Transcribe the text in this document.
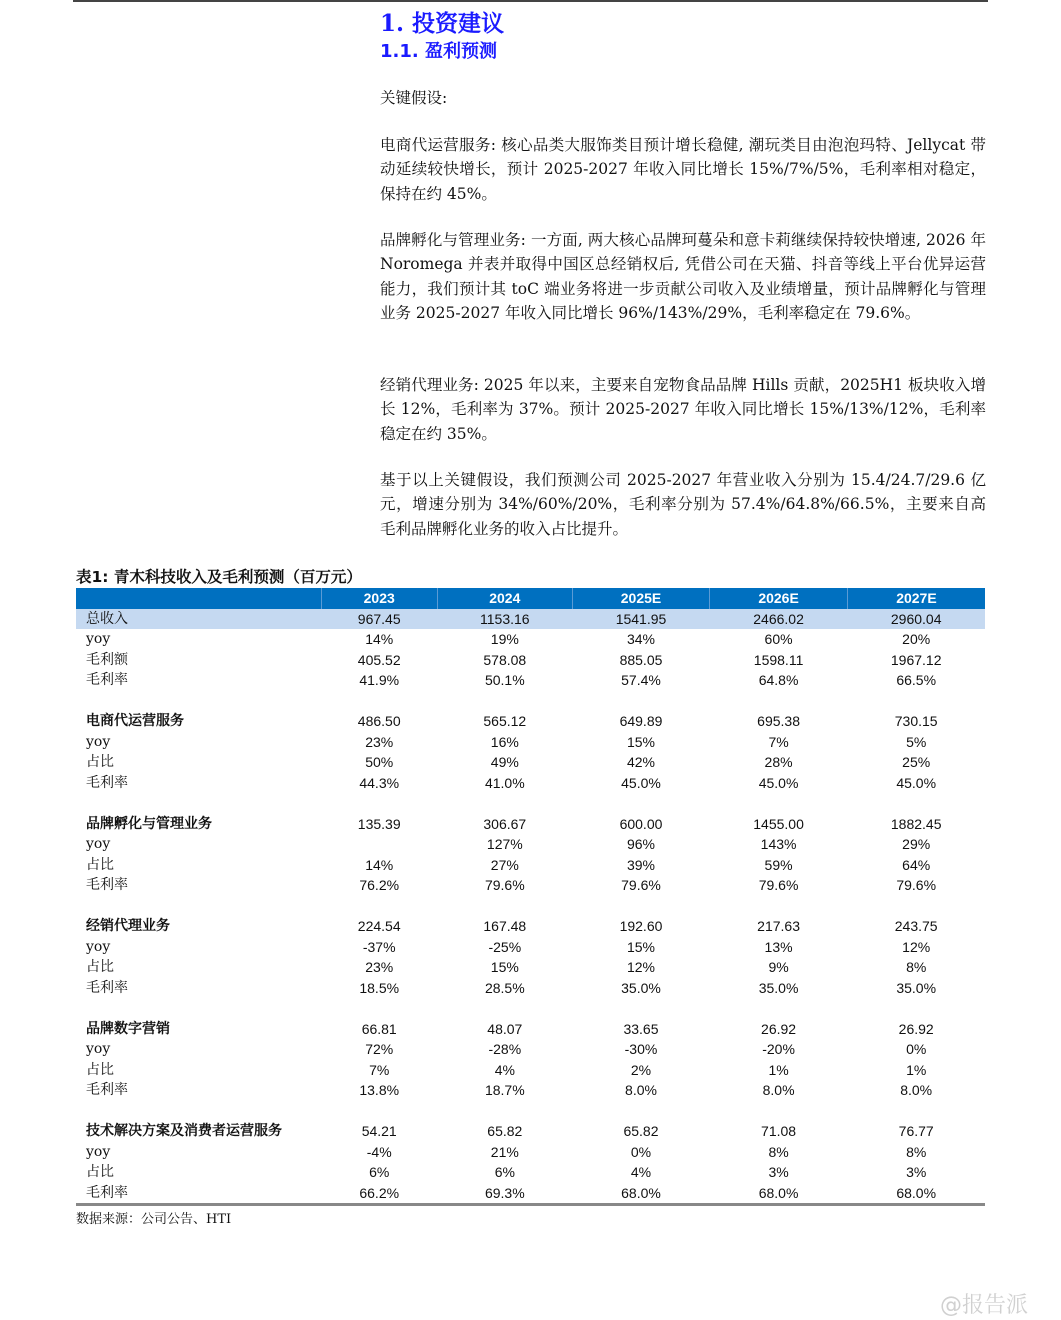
1. 投资建议
1.1. 盈利预测
关键假设:
电商代运营服务: 核心品类大服饰类目预计增长稳健, 潮玩类目由泡泡玛特、Jellycat 带动延续较快增长，预计 2025-2027 年收入同比增长 15%/7%/5%，毛利率相对稳定，保持在约 45%。
品牌孵化与管理业务: 一方面, 两大核心品牌珂蔓朵和意卡莉继续保持较快增速, 2026 年 Noromega 并表并取得中国区总经销权后, 凭借公司在天猫、抖音等线上平台优异运营能力，我们预计其 toC 端业务将进一步贡献公司收入及业绩增量，预计品牌孵化与管理业务 2025-2027 年收入同比增长 96%/143%/29%，毛利率稳定在 79.6%。
经销代理业务: 2025 年以来，主要来自宠物食品品牌 Hills 贡献，2025H1 板块收入增长 12%，毛利率为 37%。预计 2025-2027 年收入同比增长 15%/13%/12%，毛利率稳定在约 35%。
基于以上关键假设，我们预测公司 2025-2027 年营业收入分别为 15.4/24.7/29.6 亿元，增速分别为 34%/60%/20%，毛利率分别为 57.4%/64.8%/66.5%，主要来自高毛利品牌孵化业务的收入占比提升。
表1: 青木科技收入及毛利预测（百万元）
	2023	2024	2025E	2026E	2027E
总收入	967.45	1153.16	1541.95	2466.02	2960.04
yoy	14%	19%	34%	60%	20%
毛利额	405.52	578.08	885.05	1598.11	1967.12
毛利率	41.9%	50.1%	57.4%	64.8%	66.5%

电商代运营服务	486.50	565.12	649.89	695.38	730.15
yoy	23%	16%	15%	7%	5%
占比	50%	49%	42%	28%	25%
毛利率	44.3%	41.0%	45.0%	45.0%	45.0%

品牌孵化与管理业务	135.39	306.67	600.00	1455.00	1882.45
yoy		127%	96%	143%	29%
占比	14%	27%	39%	59%	64%
毛利率	76.2%	79.6%	79.6%	79.6%	79.6%

经销代理业务	224.54	167.48	192.60	217.63	243.75
yoy	-37%	-25%	15%	13%	12%
占比	23%	15%	12%	9%	8%
毛利率	18.5%	28.5%	35.0%	35.0%	35.0%

品牌数字营销	66.81	48.07	33.65	26.92	26.92
yoy	72%	-28%	-30%	-20%	0%
占比	7%	4%	2%	1%	1%
毛利率	13.8%	18.7%	8.0%	8.0%	8.0%

技术解决方案及消费者运营服务	54.21	65.82	65.82	71.08	76.77
yoy	-4%	21%	0%	8%	8%
占比	6%	6%	4%	3%	3%
毛利率	66.2%	69.3%	68.0%	68.0%	68.0%
数据来源：公司公告、HTI
@报告派
